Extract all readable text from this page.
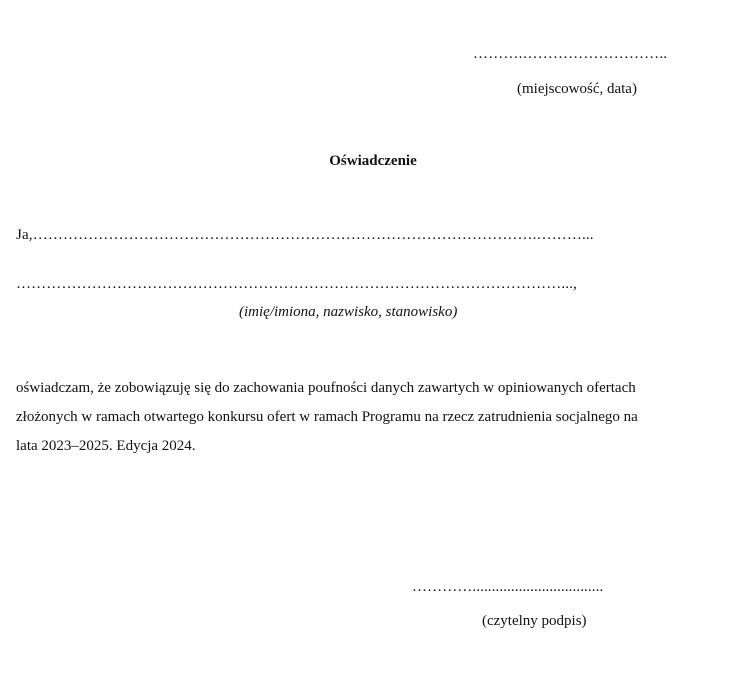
……….………………………..
(miejscowość, data)
Oświadczenie
Ja,……………………………………………………………………………………….………...
………………………………………………………………………………………………...,
(imię/imiona, nazwisko, stanowisko)
oświadczam, że zobowiązuję się do zachowania poufności danych zawartych w opiniowanych ofertach
złożonych w ramach otwartego konkursu ofert w ramach Programu na rzecz zatrudnienia socjalnego na
lata 2023–2025. Edycja 2024.
…………..................................
(czytelny podpis)
